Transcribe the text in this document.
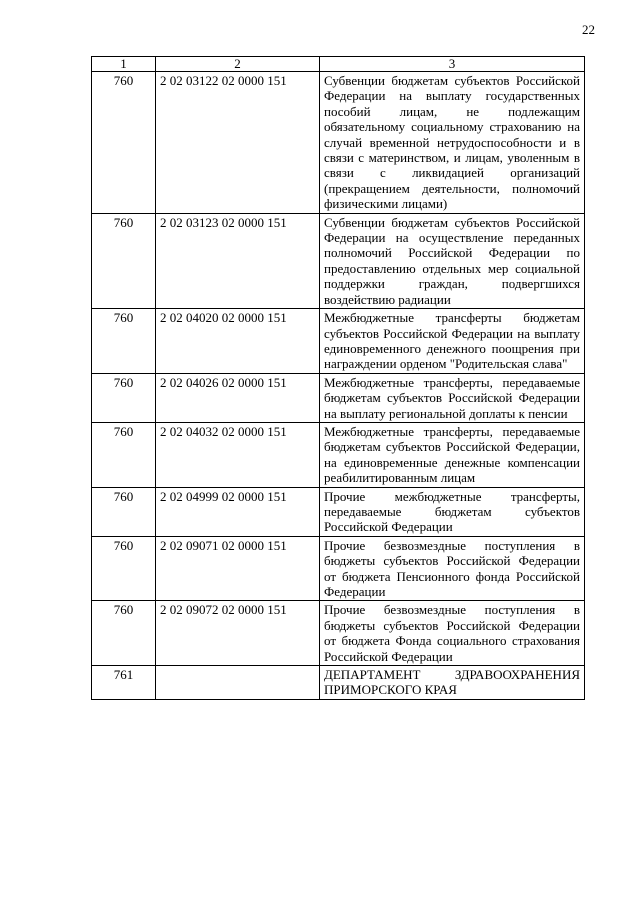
22
1	2	3
760	2 02 03122 02 0000 151	Субвенции бюджетам субъектов Российской Федерации на выплату государственных пособий лицам, не подлежащим обязательному социальному страхованию на случай временной нетрудоспособности и в связи с материнством, и лицам, уволенным в связи с ликвидацией организаций (прекращением деятельности, полномочий физическими лицами)
760	2 02 03123 02 0000 151	Субвенции бюджетам субъектов Российской Федерации на осуществление переданных полномочий Российской Федерации по предоставлению отдельных мер социальной поддержки граждан, подвергшихся воздействию радиации
760	2 02 04020 02 0000 151	Межбюджетные трансферты бюджетам субъектов Российской Федерации на выплату единовременного денежного поощрения при награждении орденом "Родительская слава"
760	2 02 04026 02 0000 151	Межбюджетные трансферты, передаваемые бюджетам субъектов Российской Федерации на выплату региональной доплаты к пенсии
760	2 02 04032 02 0000 151	Межбюджетные трансферты, передаваемые бюджетам субъектов Российской Федерации, на единовременные денежные компенсации реабилитированным лицам
760	2 02 04999 02 0000 151	Прочие межбюджетные трансферты, передаваемые бюджетам субъектов Российской Федерации
760	2 02 09071 02 0000 151	Прочие безвозмездные поступления в бюджеты субъектов Российской Федерации от бюджета Пенсионного фонда Российской Федерации
760	2 02 09072 02 0000 151	Прочие безвозмездные поступления в бюджеты субъектов Российской Федерации от бюджета Фонда социального страхования Российской Федерации
761		ДЕПАРТАМЕНТ ЗДРАВООХРАНЕНИЯ ПРИМОРСКОГО КРАЯ
